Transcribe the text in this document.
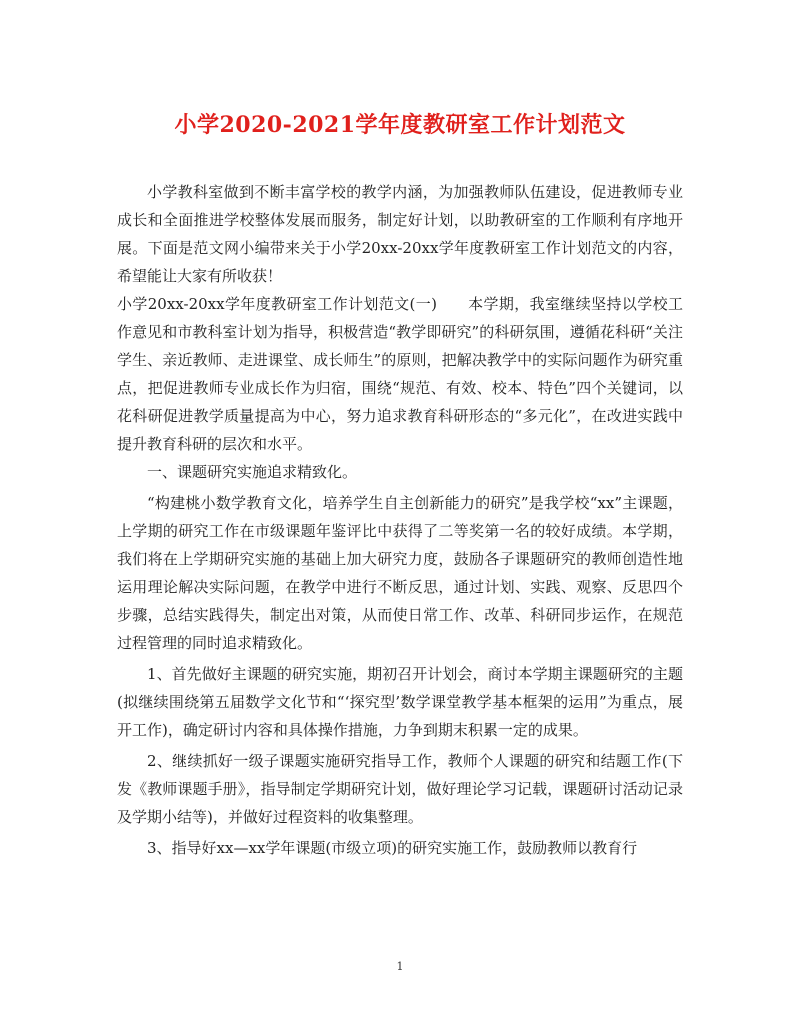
小学2020-2021学年度教研室工作计划范文

小学教科室做到不断丰富学校的教学内涵，为加强教师队伍建设，促进教师专业成长和全面推进学校整体发展而服务，制定好计划，以助教研室的工作顺利有序地开展。下面是范文网小编带来关于小学20xx-20xx学年度教研室工作计划范文的内容，希望能让大家有所收获！

小学20xx-20xx学年度教研室工作计划范文(一)　　本学期，我室继续坚持以学校工作意见和市教科室计划为指导，积极营造“教学即研究”的科研氛围，遵循花科研“关注学生、亲近教师、走进课堂、成长师生”的原则，把解决教学中的实际问题作为研究重点，把促进教师专业成长作为归宿，围绕“规范、有效、校本、特色”四个关键词，以花科研促进教学质量提高为中心，努力追求教育科研形态的“多元化”，在改进实践中提升教育科研的层次和水平。

一、课题研究实施追求精致化。

“构建桃小数学教育文化，培养学生自主创新能力的研究”是我学校“xx”主课题，上学期的研究工作在市级课题年鉴评比中获得了二等奖第一名的较好成绩。本学期，我们将在上学期研究实施的基础上加大研究力度，鼓励各子课题研究的教师创造性地运用理论解决实际问题，在教学中进行不断反思，通过计划、实践、观察、反思四个步骤，总结实践得失，制定出对策，从而使日常工作、改革、科研同步运作，在规范过程管理的同时追求精致化。

1、首先做好主课题的研究实施，期初召开计划会，商讨本学期主课题研究的主题(拟继续围绕第五届数学文化节和“‘探究型’数学课堂教学基本框架的运用”为重点，展开工作)，确定研讨内容和具体操作措施，力争到期末积累一定的成果。

2、继续抓好一级子课题实施研究指导工作，教师个人课题的研究和结题工作(下发《教师课题手册》，指导制定学期研究计划，做好理论学习记载，课题研讨活动记录及学期小结等)，并做好过程资料的收集整理。

3、指导好xx—xx学年课题(市级立项)的研究实施工作，鼓励教师以教育行

1
